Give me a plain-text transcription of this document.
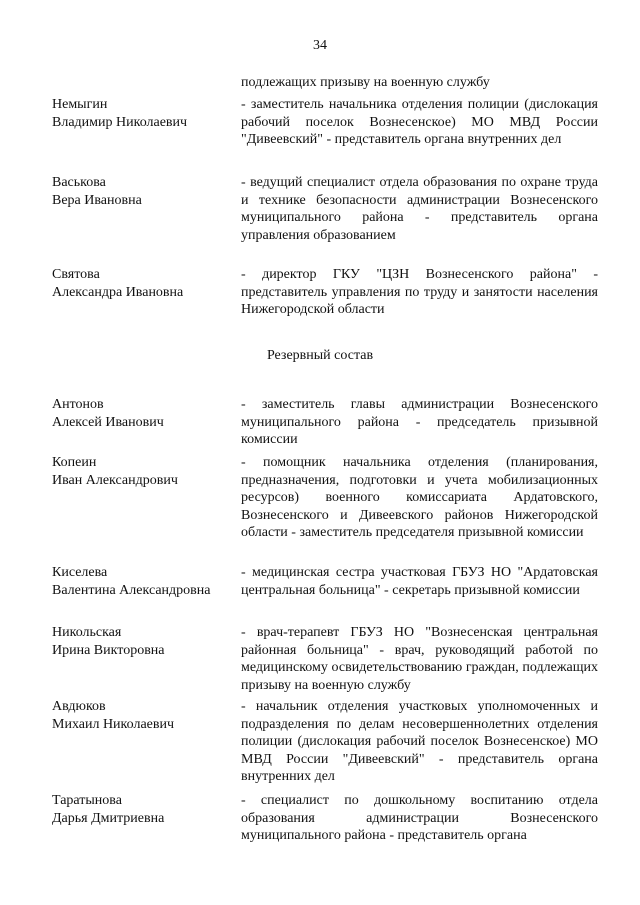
34
подлежащих призыву на военную службу
Немыгин
Владимир Николаевич
- заместитель начальника отделения полиции (дислокация рабочий поселок Вознесенское) МО МВД России "Дивеевский" - представитель органа внутренних дел
Васькова
Вера Ивановна
- ведущий специалист отдела образования по охране труда и технике безопасности администрации Вознесенского муниципального района - представитель органа управления образованием
Святова
Александра Ивановна
- директор ГКУ "ЦЗН Вознесенского района" - представитель управления по труду и занятости населения Нижегородской области
Резервный состав
Антонов
Алексей Иванович
- заместитель главы администрации Вознесенского муниципального района - председатель призывной комиссии
Копеин
Иван Александрович
- помощник начальника отделения (планирования, предназначения, подготовки и учета мобилизационных ресурсов) военного комиссариата Ардатовского, Вознесенского и Дивеевского районов Нижегородской области - заместитель председателя призывной комиссии
Киселева
Валентина Александровна
- медицинская сестра участковая ГБУЗ НО "Ардатовская центральная больница" - секретарь призывной комиссии
Никольская
Ирина Викторовна
- врач-терапевт ГБУЗ НО "Вознесенская центральная районная больница" - врач, руководящий работой по медицинскому освидетельствованию граждан, подлежащих призыву на военную службу
Авдюков
Михаил Николаевич
- начальник отделения участковых уполномоченных и подразделения по делам несовершеннолетних отделения полиции (дислокация рабочий поселок Вознесенское) МО МВД России "Дивеевский" - представитель органа внутренних дел
Таратынова
Дарья Дмитриевна
- специалист по дошкольному воспитанию отдела образования администрации Вознесенского муниципального района - представитель органа
